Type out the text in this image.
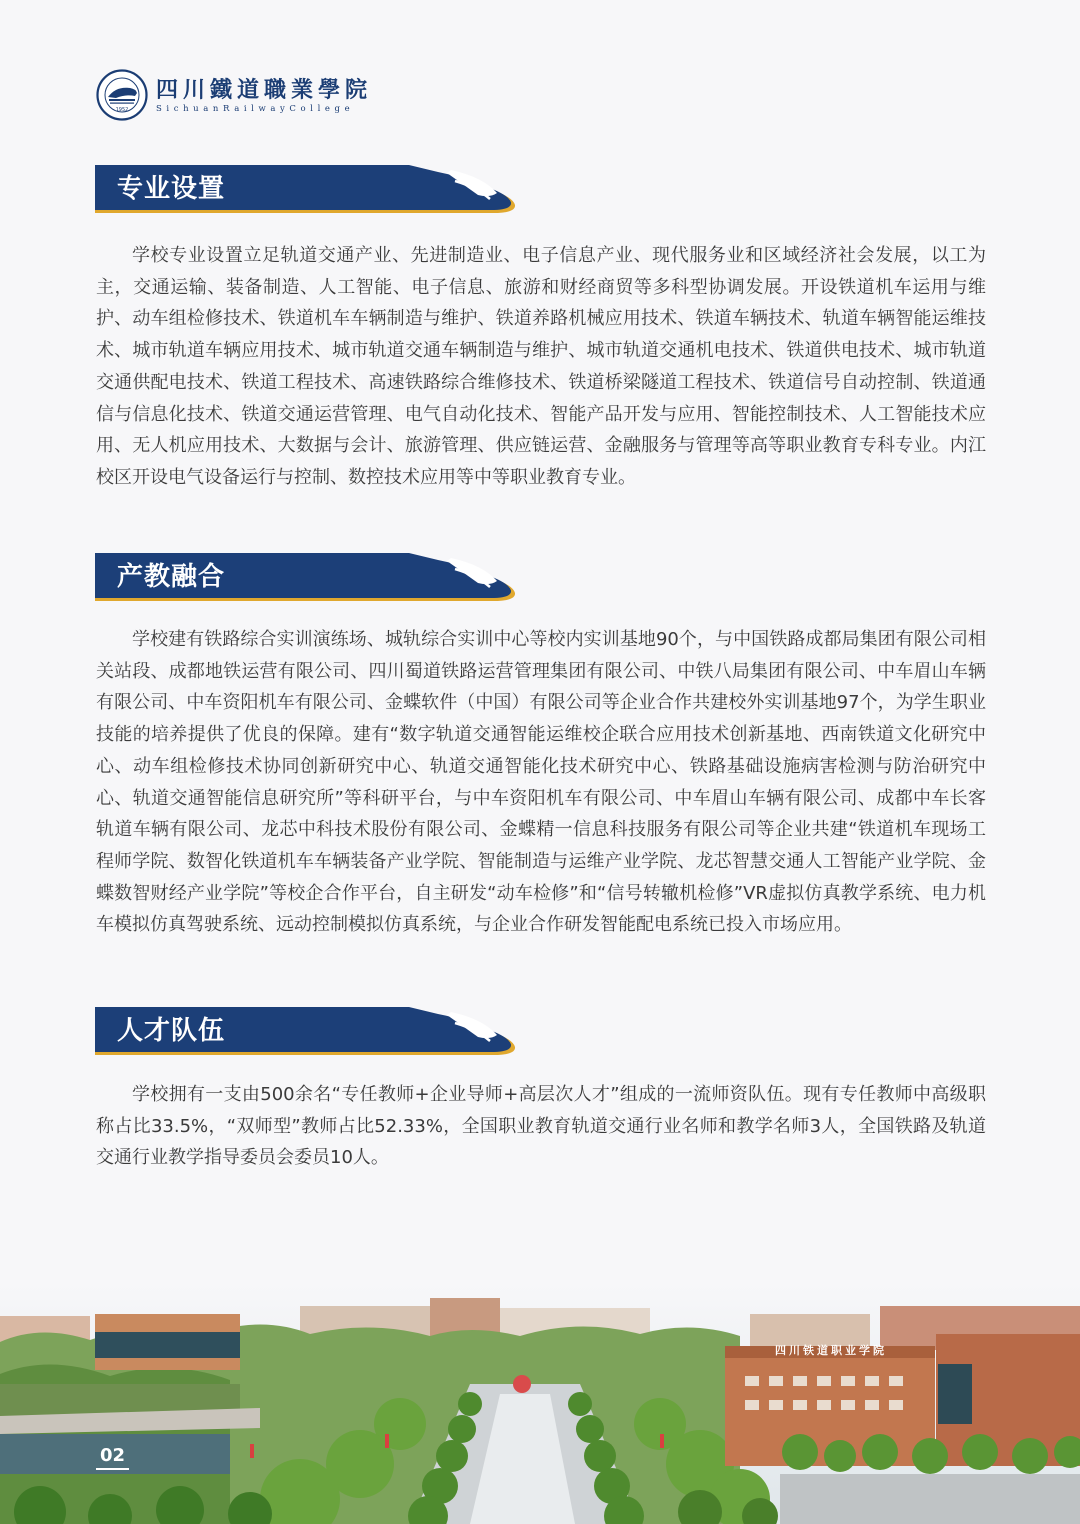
1952
四川鐵道職業學院
SichuanRailwayCollege
专业设置

学校专业设置立足轨道交通产业、先进制造业、电子信息产业、现代服务业和区域经济社会发展，以工为主，交通运输、装备制造、人工智能、电子信息、旅游和财经商贸等多科型协调发展。开设铁道机车运用与维护、动车组检修技术、铁道机车车辆制造与维护、铁道养路机械应用技术、铁道车辆技术、轨道车辆智能运维技术、城市轨道车辆应用技术、城市轨道交通车辆制造与维护、城市轨道交通机电技术、铁道供电技术、城市轨道交通供配电技术、铁道工程技术、高速铁路综合维修技术、铁道桥梁隧道工程技术、铁道信号自动控制、铁道通信与信息化技术、铁道交通运营管理、电气自动化技术、智能产品开发与应用、智能控制技术、人工智能技术应用、无人机应用技术、大数据与会计、旅游管理、供应链运营、金融服务与管理等高等职业教育专科专业。内江校区开设电气设备运行与控制、数控技术应用等中等职业教育专业。

产教融合

学校建有铁路综合实训演练场、城轨综合实训中心等校内实训基地90个，与中国铁路成都局集团有限公司相关站段、成都地铁运营有限公司、四川蜀道铁路运营管理集团有限公司、中铁八局集团有限公司、中车眉山车辆有限公司、中车资阳机车有限公司、金蝶软件（中国）有限公司等企业合作共建校外实训基地97个，为学生职业技能的培养提供了优良的保障。建有“数字轨道交通智能运维校企联合应用技术创新基地、西南铁道文化研究中心、动车组检修技术协同创新研究中心、轨道交通智能化技术研究中心、铁路基础设施病害检测与防治研究中心、轨道交通智能信息研究所”等科研平台，与中车资阳机车有限公司、中车眉山车辆有限公司、成都中车长客轨道车辆有限公司、龙芯中科技术股份有限公司、金蝶精一信息科技服务有限公司等企业共建“铁道机车现场工程师学院、数智化铁道机车车辆装备产业学院、智能制造与运维产业学院、龙芯智慧交通人工智能产业学院、金蝶数智财经产业学院”等校企合作平台，自主研发“动车检修”和“信号转辙机检修”VR虚拟仿真教学系统、电力机车模拟仿真驾驶系统、远动控制模拟仿真系统，与企业合作研发智能配电系统已投入市场应用。

人才队伍

学校拥有一支由500余名“专任教师+企业导师+高层次人才”组成的一流师资队伍。现有专任教师中高级职称占比33.5%，“双师型”教师占比52.33%，全国职业教育轨道交通行业名师和教学名师3人，全国铁路及轨道交通行业教学指导委员会委员10人。

四川铁道职业学院
02
